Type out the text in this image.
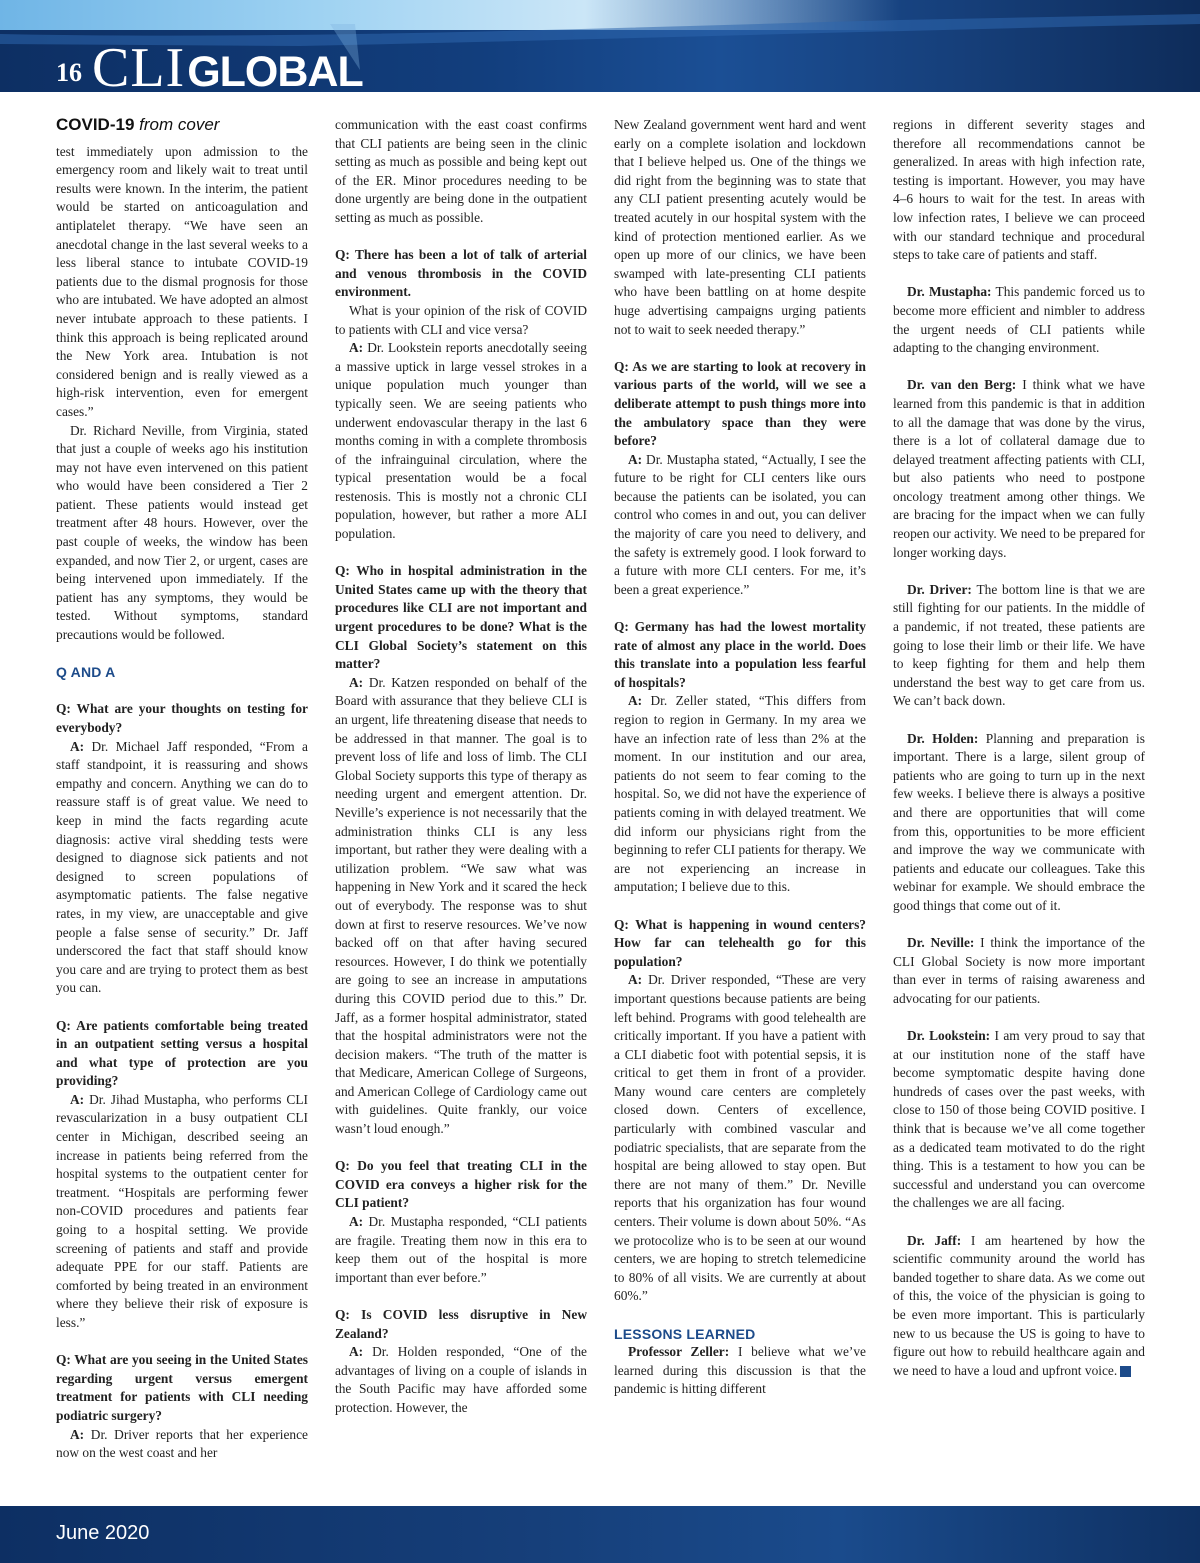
16 CLIGLOBAL
COVID-19 from cover

test immediately upon admission to the emergency room and likely wait to treat until results were known. In the interim, the patient would be started on anticoagulation and antiplatelet therapy. “We have seen an anecdotal change in the last several weeks to a less liberal stance to intubate COVID-19 patients due to the dismal prognosis for those who are intubated. We have adopted an almost never intubate approach to these patients. I think this approach is being replicated around the New York area. Intubation is not considered benign and is really viewed as a high-risk intervention, even for emergent cases.”

Dr. Richard Neville, from Virginia, stated that just a couple of weeks ago his institution may not have even intervened on this patient who would have been considered a Tier 2 patient. These patients would instead get treatment after 48 hours. However, over the past couple of weeks, the window has been expanded, and now Tier 2, or urgent, cases are being intervened upon immediately. If the patient has any symptoms, they would be tested. Without symptoms, standard precautions would be followed.

Q AND A

Q: What are your thoughts on testing for everybody?

A: Dr. Michael Jaff responded, “From a staff standpoint, it is reassuring and shows empathy and concern. Anything we can do to reassure staff is of great value. We need to keep in mind the facts regarding acute diagnosis: active viral shedding tests were designed to diagnose sick patients and not designed to screen populations of asymptomatic patients. The false negative rates, in my view, are unacceptable and give people a false sense of security.” Dr. Jaff underscored the fact that staff should know you care and are trying to protect them as best you can.

Q: Are patients comfortable being treated in an outpatient setting versus a hospital and what type of protection are you providing?

A: Dr. Jihad Mustapha, who performs CLI revascularization in a busy outpatient CLI center in Michigan, described seeing an increase in patients being referred from the hospital systems to the outpatient center for treatment. “Hospitals are performing fewer non-COVID procedures and patients fear going to a hospital setting. We provide screening of patients and staff and provide adequate PPE for our staff. Patients are comforted by being treated in an environment where they believe their risk of exposure is less.”

Q: What are you seeing in the United States regarding urgent versus emergent treatment for patients with CLI needing podiatric surgery?

A: Dr. Driver reports that her experience now on the west coast and her

communication with the east coast confirms that CLI patients are being seen in the clinic setting as much as possible and being kept out of the ER. Minor procedures needing to be done urgently are being done in the outpatient setting as much as possible.

Q: There has been a lot of talk of arterial and venous thrombosis in the COVID environment.

What is your opinion of the risk of COVID to patients with CLI and vice versa?

A: Dr. Lookstein reports anecdotally seeing a massive uptick in large vessel strokes in a unique population much younger than typically seen. We are seeing patients who underwent endovascular therapy in the last 6 months coming in with a complete thrombosis of the infrainguinal circulation, where the typical presentation would be a focal restenosis. This is mostly not a chronic CLI population, however, but rather a more ALI population.

Q: Who in hospital administration in the United States came up with the theory that procedures like CLI are not important and urgent procedures to be done? What is the CLI Global Society’s statement on this matter?

A: Dr. Katzen responded on behalf of the Board with assurance that they believe CLI is an urgent, life threatening disease that needs to be addressed in that manner. The goal is to prevent loss of life and loss of limb. The CLI Global Society supports this type of therapy as needing urgent and emergent attention. Dr. Neville’s experience is not necessarily that the administration thinks CLI is any less important, but rather they were dealing with a utilization problem. “We saw what was happening in New York and it scared the heck out of everybody. The response was to shut down at first to reserve resources. We’ve now backed off on that after having secured resources. However, I do think we potentially are going to see an increase in amputations during this COVID period due to this.” Dr. Jaff, as a former hospital administrator, stated that the hospital administrators were not the decision makers. “The truth of the matter is that Medicare, American College of Surgeons, and American College of Cardiology came out with guidelines. Quite frankly, our voice wasn’t loud enough.”

Q: Do you feel that treating CLI in the COVID era conveys a higher risk for the CLI patient?

A: Dr. Mustapha responded, “CLI patients are fragile. Treating them now in this era to keep them out of the hospital is more important than ever before.”

Q: Is COVID less disruptive in New Zealand?

A: Dr. Holden responded, “One of the advantages of living on a couple of islands in the South Pacific may have afforded some protection. However, the

New Zealand government went hard and went early on a complete isolation and lockdown that I believe helped us. One of the things we did right from the beginning was to state that any CLI patient presenting acutely would be treated acutely in our hospital system with the kind of protection mentioned earlier. As we open up more of our clinics, we have been swamped with late-presenting CLI patients who have been battling on at home despite huge advertising campaigns urging patients not to wait to seek needed therapy.”

Q: As we are starting to look at recovery in various parts of the world, will we see a deliberate attempt to push things more into the ambulatory space than they were before?

A: Dr. Mustapha stated, “Actually, I see the future to be right for CLI centers like ours because the patients can be isolated, you can control who comes in and out, you can deliver the majority of care you need to delivery, and the safety is extremely good. I look forward to a future with more CLI centers. For me, it’s been a great experience.”

Q: Germany has had the lowest mortality rate of almost any place in the world. Does this translate into a population less fearful of hospitals?

A: Dr. Zeller stated, “This differs from region to region in Germany. In my area we have an infection rate of less than 2% at the moment. In our institution and our area, patients do not seem to fear coming to the hospital. So, we did not have the experience of patients coming in with delayed treatment. We did inform our physicians right from the beginning to refer CLI patients for therapy. We are not experiencing an increase in amputation; I believe due to this.

Q: What is happening in wound centers? How far can telehealth go for this population?

A: Dr. Driver responded, “These are very important questions because patients are being left behind. Programs with good telehealth are critically important. If you have a patient with a CLI diabetic foot with potential sepsis, it is critical to get them in front of a provider. Many wound care centers are completely closed down. Centers of excellence, particularly with combined vascular and podiatric specialists, that are separate from the hospital are being allowed to stay open. But there are not many of them.” Dr. Neville reports that his organization has four wound centers. Their volume is down about 50%. “As we protocolize who is to be seen at our wound centers, we are hoping to stretch telemedicine to 80% of all visits. We are currently at about 60%.”

LESSONS LEARNED

Professor Zeller: I believe what we’ve learned during this discussion is that the pandemic is hitting different

regions in different severity stages and therefore all recommendations cannot be generalized. In areas with high infection rate, testing is important. However, you may have 4–6 hours to wait for the test. In areas with low infection rates, I believe we can proceed with our standard technique and procedural steps to take care of patients and staff.

Dr. Mustapha: This pandemic forced us to become more efficient and nimbler to address the urgent needs of CLI patients while adapting to the changing environment.

Dr. van den Berg: I think what we have learned from this pandemic is that in addition to all the damage that was done by the virus, there is a lot of collateral damage due to delayed treatment affecting patients with CLI, but also patients who need to postpone oncology treatment among other things. We are bracing for the impact when we can fully reopen our activity. We need to be prepared for longer working days.

Dr. Driver: The bottom line is that we are still fighting for our patients. In the middle of a pandemic, if not treated, these patients are going to lose their limb or their life. We have to keep fighting for them and help them understand the best way to get care from us. We can’t back down.

Dr. Holden: Planning and preparation is important. There is a large, silent group of patients who are going to turn up in the next few weeks. I believe there is always a positive and there are opportunities that will come from this, opportunities to be more efficient and improve the way we communicate with patients and educate our colleagues. Take this webinar for example. We should embrace the good things that come out of it.

Dr. Neville: I think the importance of the CLI Global Society is now more important than ever in terms of raising awareness and advocating for our patients.

Dr. Lookstein: I am very proud to say that at our institution none of the staff have become symptomatic despite having done hundreds of cases over the past weeks, with close to 150 of those being COVID positive. I think that is because we’ve all come together as a dedicated team motivated to do the right thing. This is a testament to how you can be successful and understand you can overcome the challenges we are all facing.

Dr. Jaff: I am heartened by how the scientific community around the world has banded together to share data. As we come out of this, the voice of the physician is going to be even more important. This is particularly new to us because the US is going to have to figure out how to rebuild healthcare again and we need to have a loud and upfront voice.

June 2020
